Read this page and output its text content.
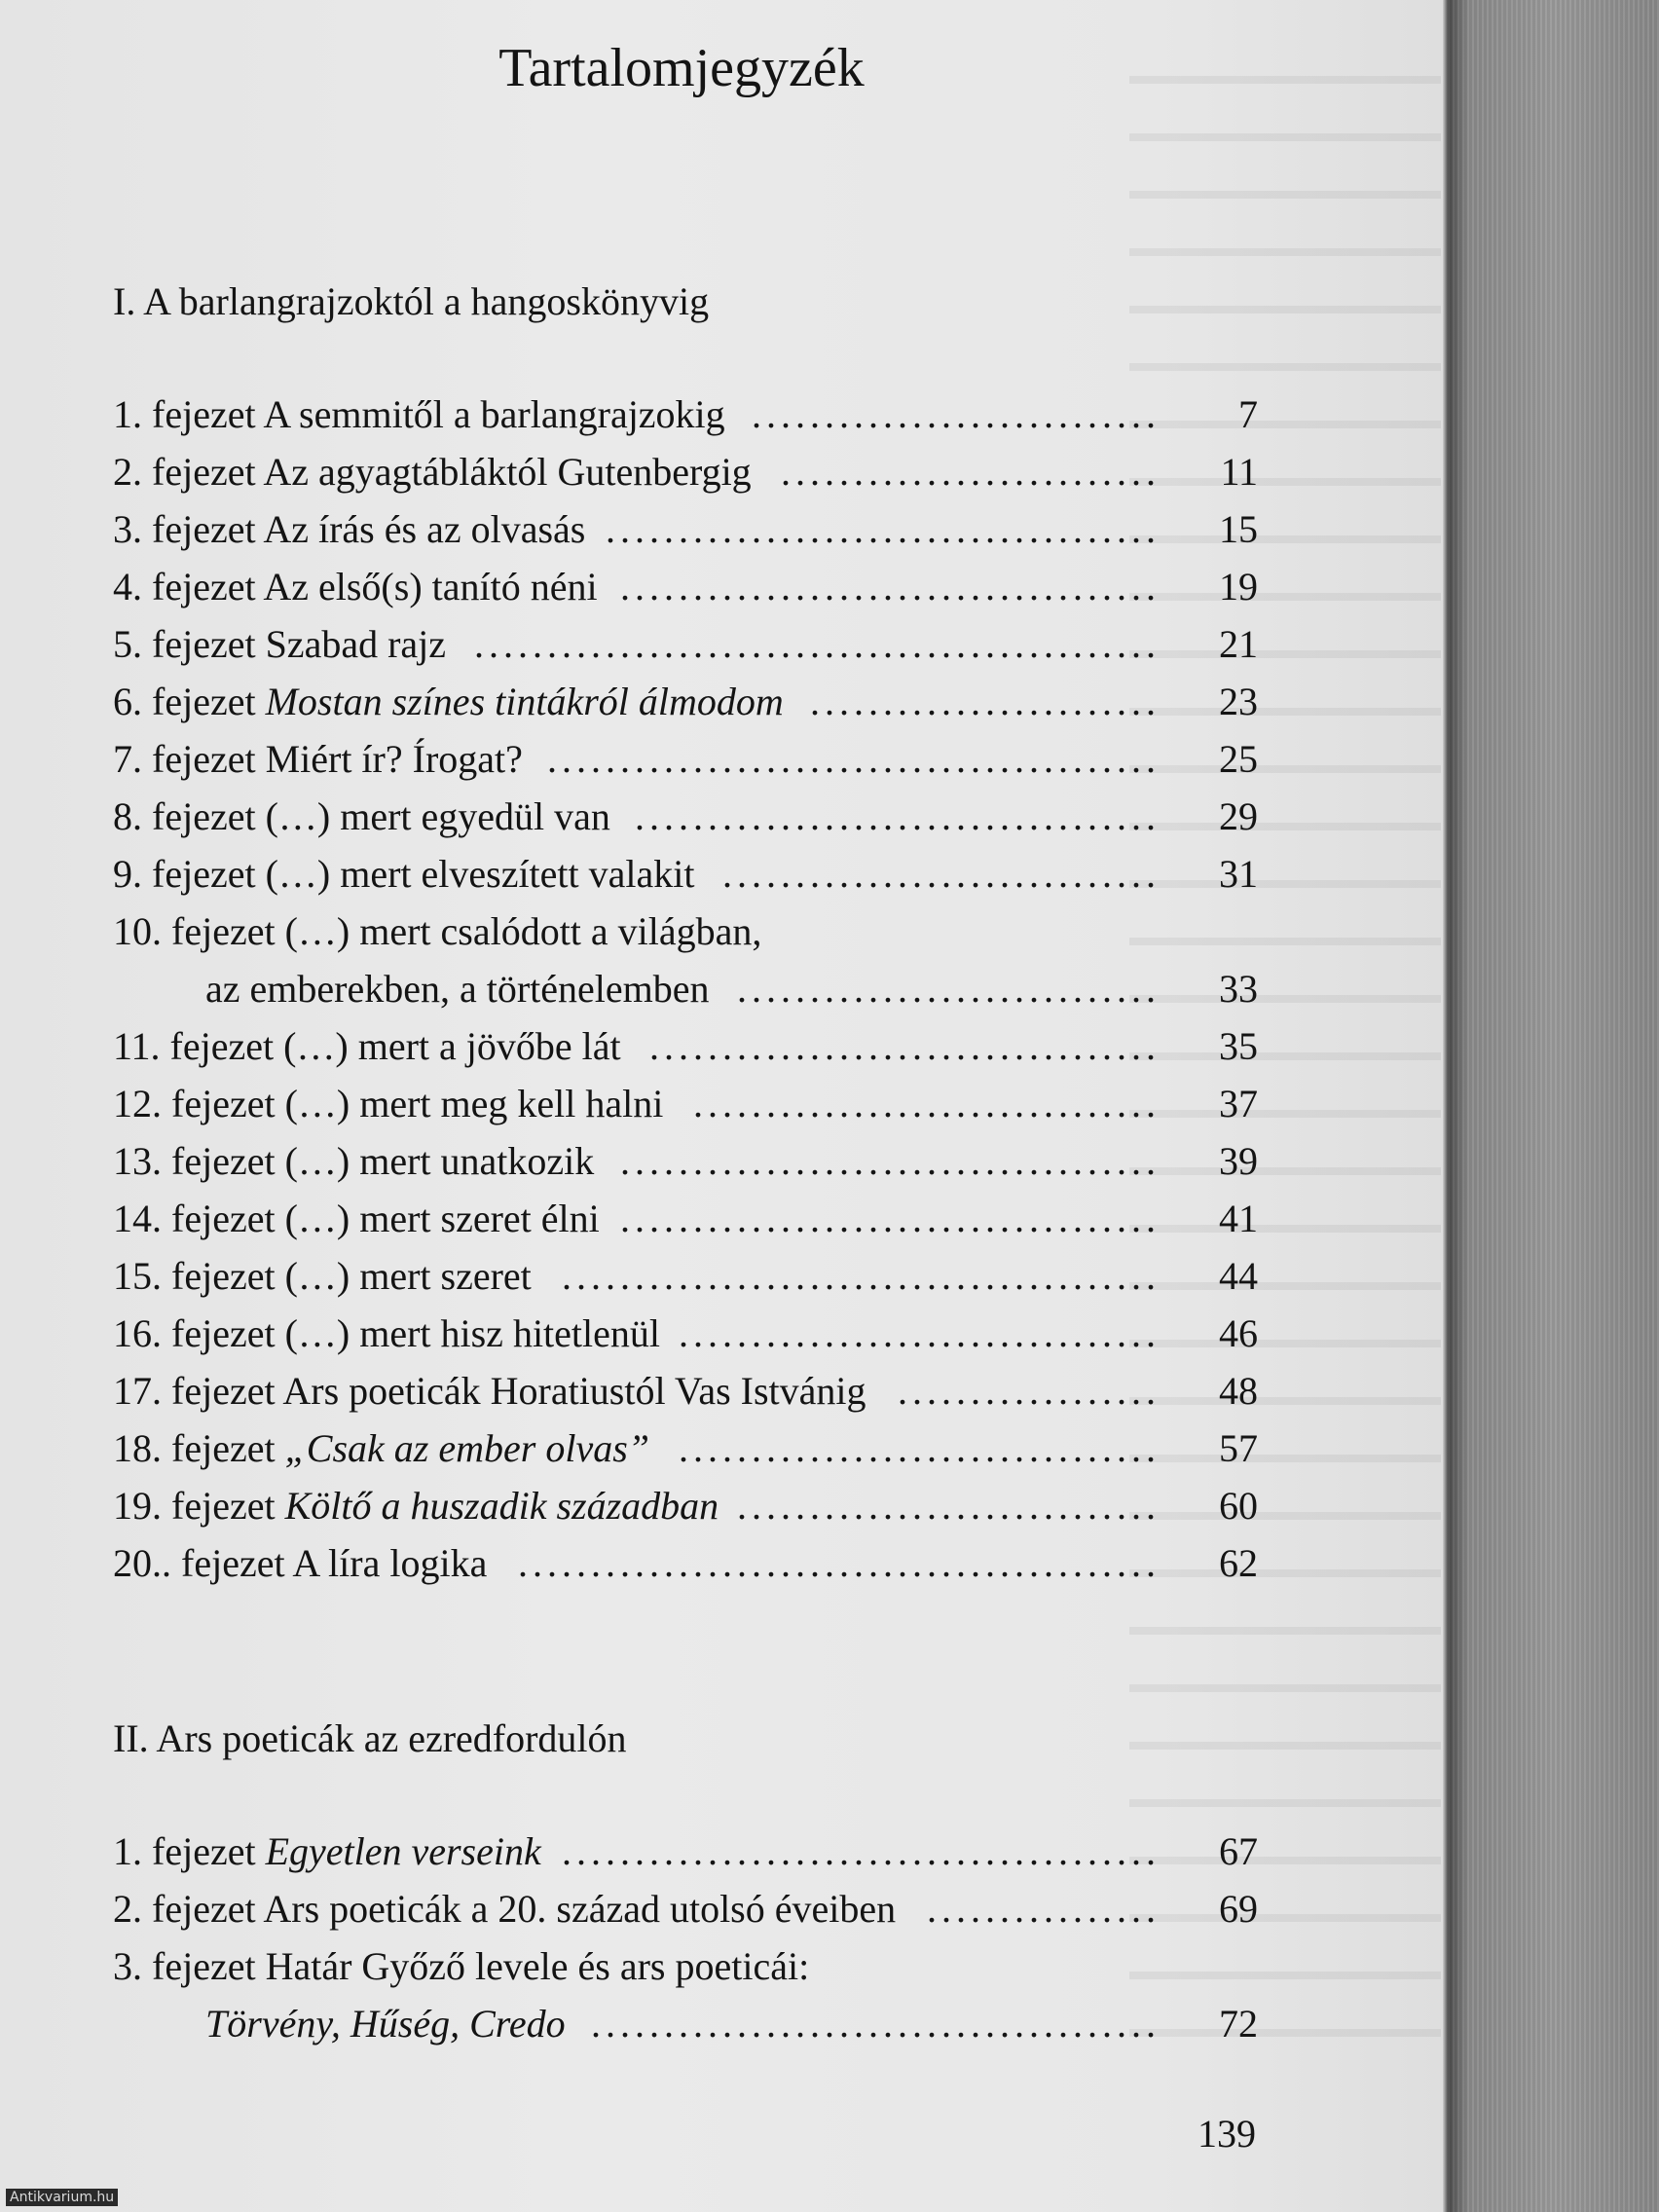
Tartalomjegyzék
I. A barlangrajzoktól a hangoskönyvig
1. fejezet A semmitől a barlangrajzokig ............................ 7
2. fejezet Az agyagtábláktól Gutenbergig .......................... 11
3. fejezet Az írás és az olvasás ...................................... 15
4. fejezet Az első(s) tanító néni ..................................... 19
5. fejezet Szabad rajz ............................................... 21
6. fejezet Mostan színes tintákról álmodom ........................ 23
7. fejezet Miért ír? Írogat? .......................................... 25
8. fejezet (…) mert egyedül van .................................... 29
9. fejezet (…) mert elveszített valakit .............................. 31
10. fejezet (…) mert csalódott a világban,
az emberekben, a történelemben ............................. 33
11. fejezet (…) mert a jövőbe lát ................................... 35
12. fejezet (…) mert meg kell halni ................................ 37
13. fejezet (…) mert unatkozik ..................................... 39
14. fejezet (…) mert szeret élni ..................................... 41
15. fejezet (…) mert szeret ......................................... 44
16. fejezet (…) mert hisz hitetlenül ................................. 46
17. fejezet Ars poeticák Horatiustól Vas Istvánig .................. 48
18. fejezet „Csak az ember olvas” ................................. 57
19. fejezet Költő a huszadik században ............................. 60
20.. fejezet A líra logika ............................................ 62
II. Ars poeticák az ezredfordulón
1. fejezet Egyetlen verseink ......................................... 67
2. fejezet Ars poeticák a 20. század utolsó éveiben ................ 69
3. fejezet Határ Győző levele és ars poeticái:
Törvény, Hűség, Credo ....................................... 72
139
Antikvarium.hu
